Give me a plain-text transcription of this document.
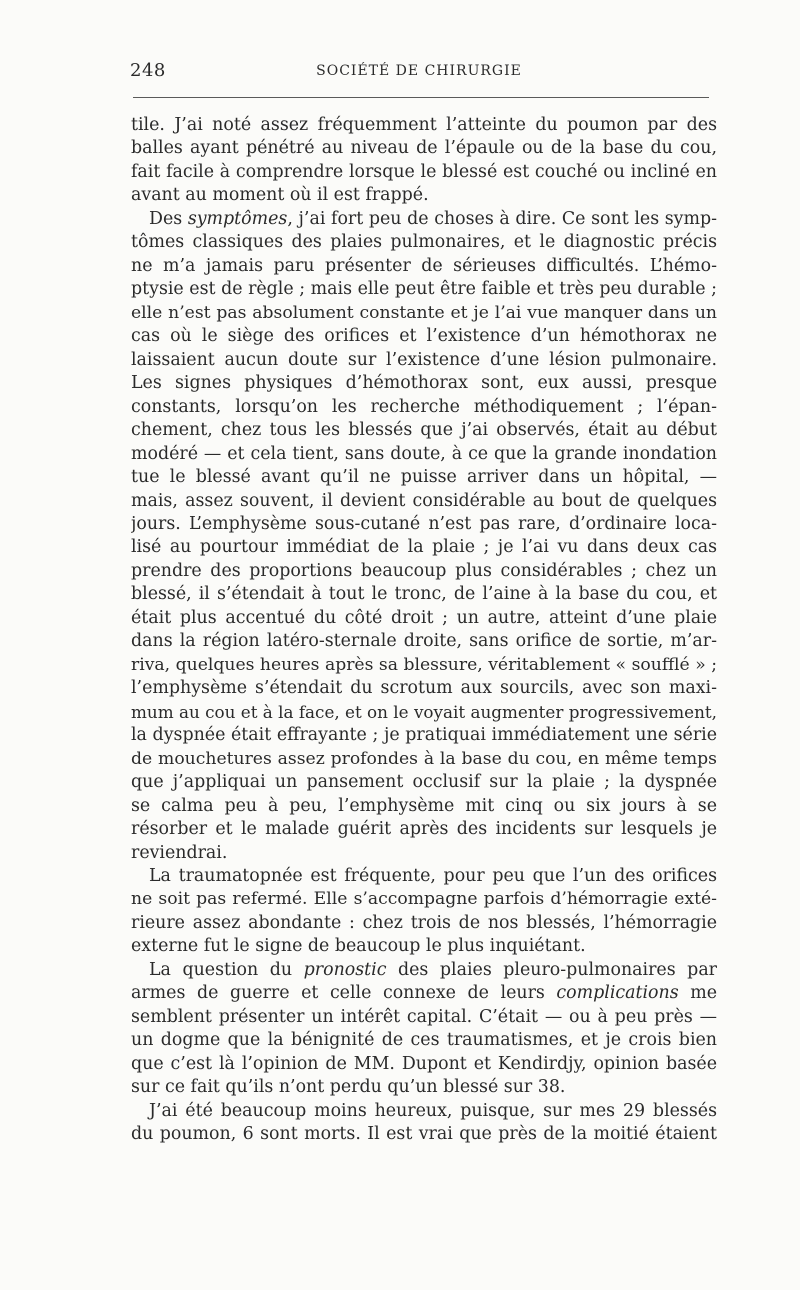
248	SOCIÉTÉ DE CHIRURGIE
tile. J’ai noté assez fréquemment l’atteinte du poumon par des
balles ayant pénétré au niveau de l’épaule ou de la base du cou,
fait facile à comprendre lorsque le blessé est couché ou incliné en
avant au moment où il est frappé.
Des symptômes, j’ai fort peu de choses à dire. Ce sont les symp-
tômes classiques des plaies pulmonaires, et le diagnostic précis
ne m’a jamais paru présenter de sérieuses difficultés. L’hémo-
ptysie est de règle ; mais elle peut être faible et très peu durable ;
elle n’est pas absolument constante et je l’ai vue manquer dans un
cas où le siège des orifices et l’existence d’un hémothorax ne
laissaient aucun doute sur l’existence d’une lésion pulmonaire.
Les signes physiques d’hémothorax sont, eux aussi, presque
constants, lorsqu’on les recherche méthodiquement ; l’épan-
chement, chez tous les blessés que j’ai observés, était au début
modéré — et cela tient, sans doute, à ce que la grande inondation
tue le blessé avant qu’il ne puisse arriver dans un hôpital, —
mais, assez souvent, il devient considérable au bout de quelques
jours. L’emphysème sous-cutané n’est pas rare, d’ordinaire loca-
lisé au pourtour immédiat de la plaie ; je l’ai vu dans deux cas
prendre des proportions beaucoup plus considérables ; chez un
blessé, il s’étendait à tout le tronc, de l’aine à la base du cou, et
était plus accentué du côté droit ; un autre, atteint d’une plaie
dans la région latéro-sternale droite, sans orifice de sortie, m’ar-
riva, quelques heures après sa blessure, véritablement « soufflé » ;
l’emphysème s’étendait du scrotum aux sourcils, avec son maxi-
mum au cou et à la face, et on le voyait augmenter progressivement,
la dyspnée était effrayante ; je pratiquai immédiatement une série
de mouchetures assez profondes à la base du cou, en même temps
que j’appliquai un pansement occlusif sur la plaie ; la dyspnée
se calma peu à peu, l’emphysème mit cinq ou six jours à se
résorber et le malade guérit après des incidents sur lesquels je
reviendrai.
La traumatopnée est fréquente, pour peu que l’un des orifices
ne soit pas refermé. Elle s’accompagne parfois d’hémorragie exté-
rieure assez abondante : chez trois de nos blessés, l’hémorragie
externe fut le signe de beaucoup le plus inquiétant.
La question du pronostic des plaies pleuro-pulmonaires par
armes de guerre et celle connexe de leurs complications me
semblent présenter un intérêt capital. C’était — ou à peu près —
un dogme que la bénignité de ces traumatismes, et je crois bien
que c’est là l’opinion de MM. Dupont et Kendirdjy, opinion basée
sur ce fait qu’ils n’ont perdu qu’un blessé sur 38.
J’ai été beaucoup moins heureux, puisque, sur mes 29 blessés
du poumon, 6 sont morts. Il est vrai que près de la moitié étaient
